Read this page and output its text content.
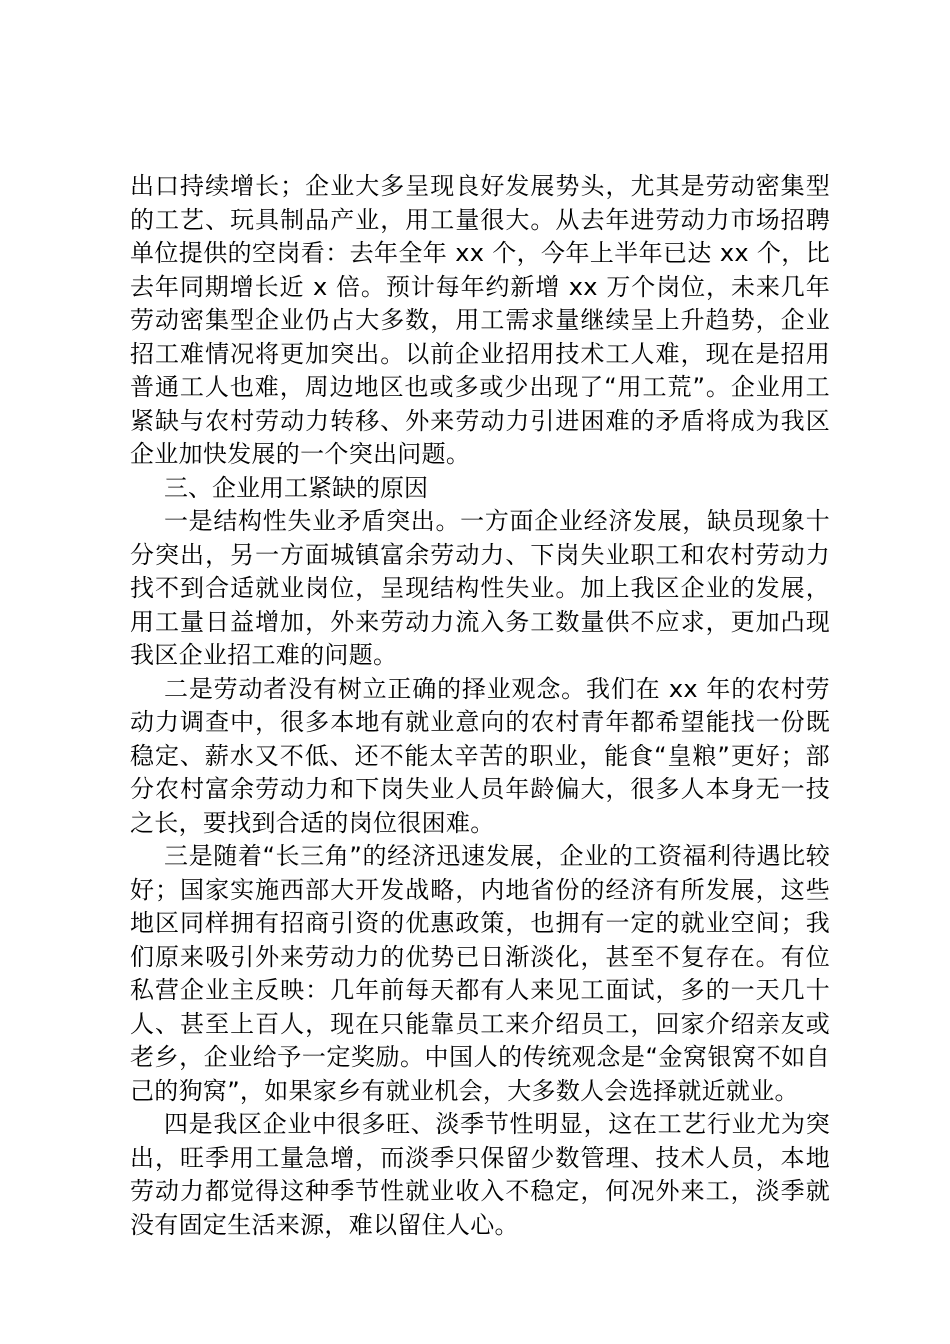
出口持续增长；企业大多呈现良好发展势头，尤其是劳动密集型的工艺、玩具制品产业，用工量很大。从去年进劳动力市场招聘单位提供的空岗看：去年全年 xx 个，今年上半年已达 xx 个，比去年同期增长近 x 倍。预计每年约新增 xx 万个岗位，未来几年劳动密集型企业仍占大多数，用工需求量继续呈上升趋势，企业招工难情况将更加突出。以前企业招用技术工人难，现在是招用普通工人也难，周边地区也或多或少出现了“用工荒”。企业用工紧缺与农村劳动力转移、外来劳动力引进困难的矛盾将成为我区企业加快发展的一个突出问题。

三、企业用工紧缺的原因

一是结构性失业矛盾突出。一方面企业经济发展，缺员现象十分突出，另一方面城镇富余劳动力、下岗失业职工和农村劳动力找不到合适就业岗位，呈现结构性失业。加上我区企业的发展，用工量日益增加，外来劳动力流入务工数量供不应求，更加凸现我区企业招工难的问题。

二是劳动者没有树立正确的择业观念。我们在 xx 年的农村劳动力调查中，很多本地有就业意向的农村青年都希望能找一份既稳定、薪水又不低、还不能太辛苦的职业，能食“皇粮”更好；部分农村富余劳动力和下岗失业人员年龄偏大，很多人本身无一技之长，要找到合适的岗位很困难。

三是随着“长三角”的经济迅速发展，企业的工资福利待遇比较好；国家实施西部大开发战略，内地省份的经济有所发展，这些地区同样拥有招商引资的优惠政策，也拥有一定的就业空间；我们原来吸引外来劳动力的优势已日渐淡化，甚至不复存在。有位私营企业主反映：几年前每天都有人来见工面试，多的一天几十人、甚至上百人，现在只能靠员工来介绍员工，回家介绍亲友或老乡，企业给予一定奖励。中国人的传统观念是“金窝银窝不如自己的狗窝”，如果家乡有就业机会，大多数人会选择就近就业。

四是我区企业中很多旺、淡季节性明显，这在工艺行业尤为突出，旺季用工量急增，而淡季只保留少数管理、技术人员，本地劳动力都觉得这种季节性就业收入不稳定，何况外来工，淡季就没有固定生活来源，难以留住人心。
